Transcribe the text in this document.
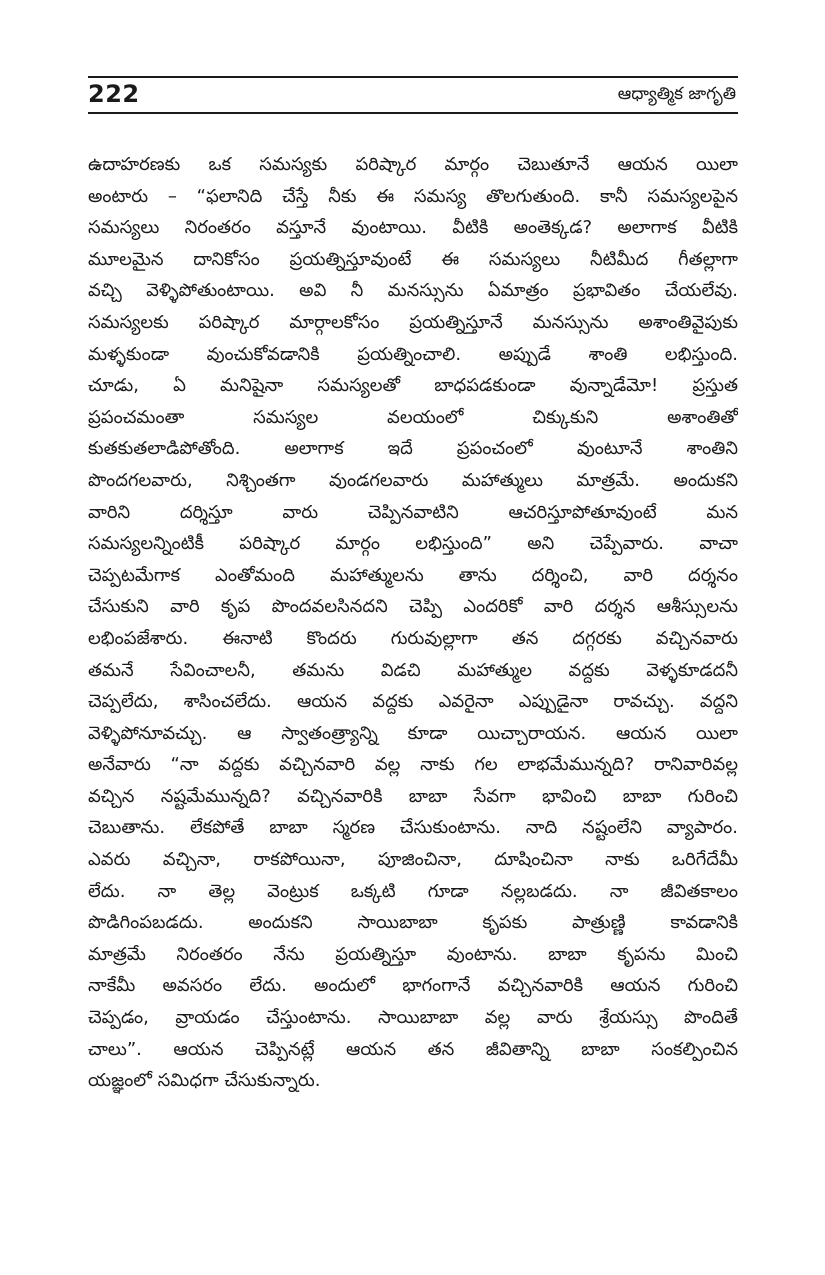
222	ఆధ్యాత్మిక జాగృతి
ఉదాహరణకు ఒక సమస్యకు పరిష్కార మార్గం చెబుతూనే ఆయన యిలా
అంటారు – “ఫలానిది చేస్తే నీకు ఈ సమస్య తొలగుతుంది. కానీ సమస్యలపైన
సమస్యలు నిరంతరం వస్తూనే వుంటాయి. వీటికి అంతెక్కడ? అలాగాక వీటికి
మూలమైన దానికోసం ప్రయత్నిస్తూవుంటే ఈ సమస్యలు నీటిమీద గీతల్లాగా
వచ్చి వెళ్ళిపోతుంటాయి. అవి నీ మనస్సును ఏమాత్రం ప్రభావితం చేయలేవు.
సమస్యలకు పరిష్కార మార్గాలకోసం ప్రయత్నిస్తూనే మనస్సును అశాంతివైపుకు
మళ్ళకుండా వుంచుకోవడానికి ప్రయత్నించాలి. అప్పుడే శాంతి లభిస్తుంది.
చూడు, ఏ మనిషైనా సమస్యలతో బాధపడకుండా వున్నాడేమో! ప్రస్తుత
ప్రపంచమంతా సమస్యల వలయంలో చిక్కుకుని అశాంతితో
కుతకుతలాడిపోతోంది. అలాగాక ఇదే ప్రపంచంలో వుంటూనే శాంతిని
పొందగలవారు, నిశ్చింతగా వుండగలవారు మహాత్ములు మాత్రమే. అందుకని
వారిని దర్శిస్తూ వారు చెప్పినవాటిని ఆచరిస్తూపోతూవుంటే మన
సమస్యలన్నింటికీ పరిష్కార మార్గం లభిస్తుంది” అని చెప్పేవారు. వాచా
చెప్పటమేగాక ఎంతోమంది మహాత్ములను తాను దర్శించి, వారి దర్శనం
చేసుకుని వారి కృప పొందవలసినదని చెప్పి ఎందరికో వారి దర్శన ఆశీస్సులను
లభింపజేశారు. ఈనాటి కొందరు గురువుల్లాగా తన దగ్గరకు వచ్చినవారు
తమనే సేవించాలనీ, తమను విడచి మహాత్ముల వద్దకు వెళ్ళకూడదనీ
చెప్పలేదు, శాసించలేదు. ఆయన వద్దకు ఎవరైనా ఎప్పుడైనా రావచ్చు. వద్దని
వెళ్ళిపోనూవచ్చు. ఆ స్వాతంత్ర్యాన్ని కూడా యిచ్చారాయన. ఆయన యిలా
అనేవారు “నా వద్దకు వచ్చినవారి వల్ల నాకు గల లాభమేమున్నది? రానివారివల్ల
వచ్చిన నష్టమేమున్నది? వచ్చినవారికి బాబా సేవగా భావించి బాబా గురించి
చెబుతాను. లేకపోతే బాబా స్మరణ చేసుకుంటాను. నాది నష్టంలేని వ్యాపారం.
ఎవరు వచ్చినా, రాకపోయినా, పూజించినా, దూషించినా నాకు ఒరిగేదేమీ
లేదు. నా తెల్ల వెంట్రుక ఒక్కటి గూడా నల్లబడదు. నా జీవితకాలం
పొడిగింపబడదు. అందుకని సాయిబాబా కృపకు పాత్రుణ్ణి కావడానికి
మాత్రమే నిరంతరం నేను ప్రయత్నిస్తూ వుంటాను. బాబా కృపను మించి
నాకేమీ అవసరం లేదు. అందులో భాగంగానే వచ్చినవారికి ఆయన గురించి
చెప్పడం, వ్రాయడం చేస్తుంటాను. సాయిబాబా వల్ల వారు శ్రేయస్సు పొందితే
చాలు”. ఆయన చెప్పినట్లే ఆయన తన జీవితాన్ని బాబా సంకల్పించిన
యజ్ఞంలో సమిధగా చేసుకున్నారు.
